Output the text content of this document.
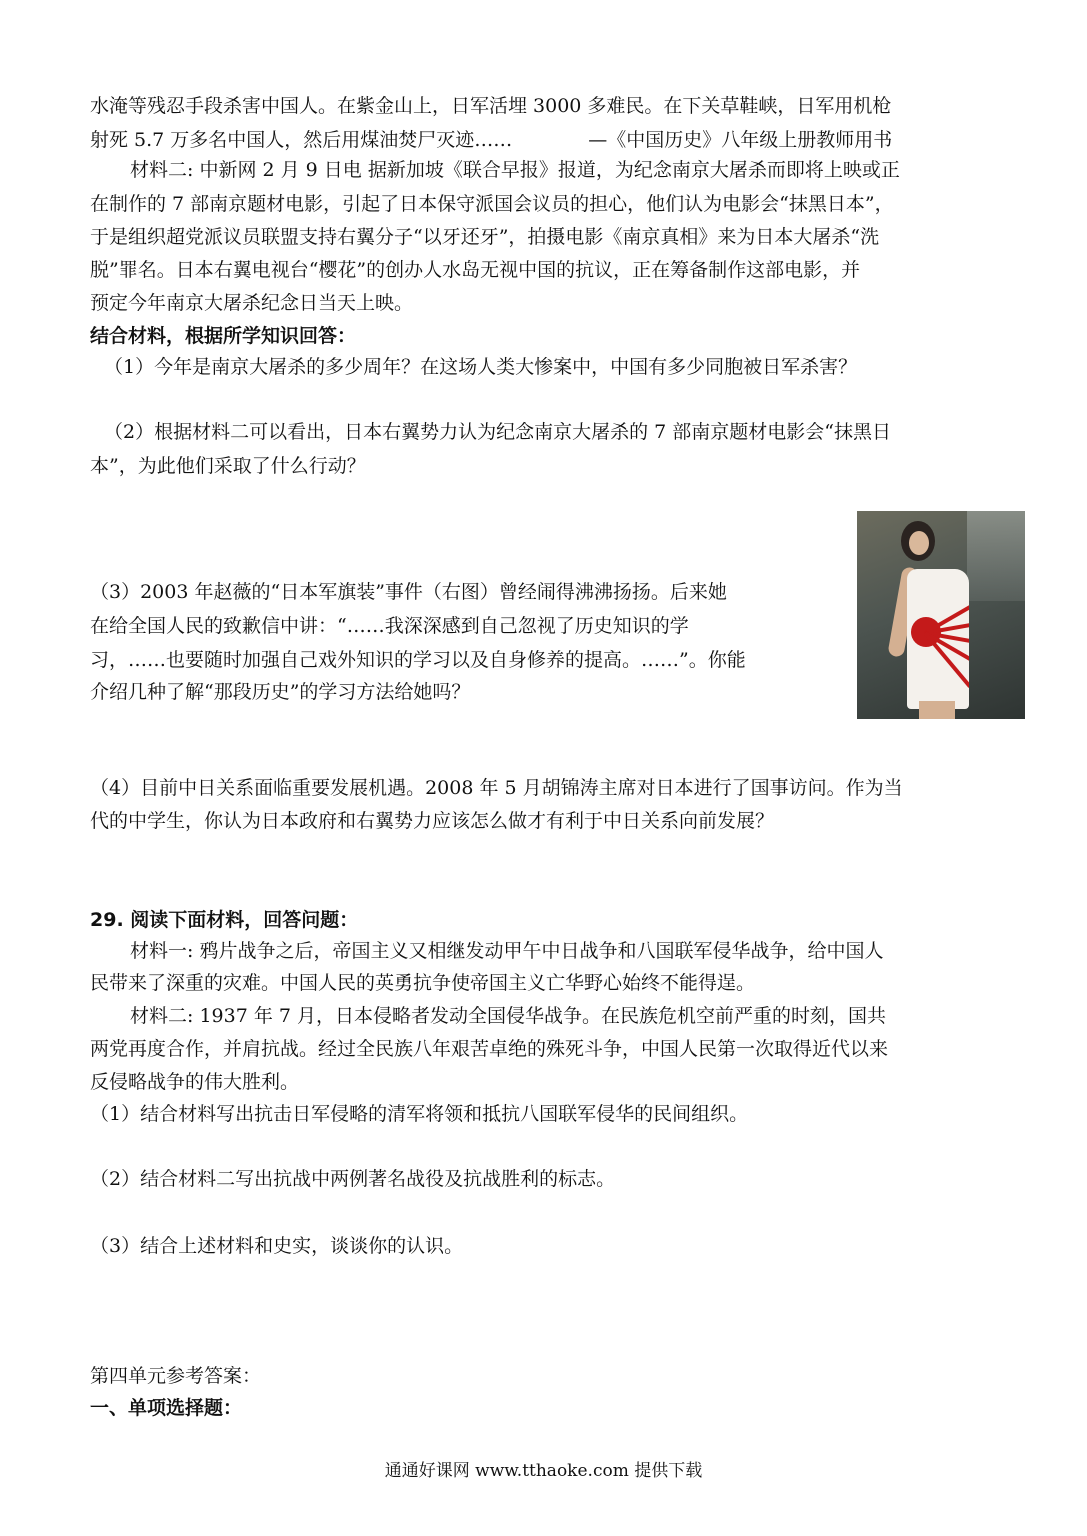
水淹等残忍手段杀害中国人。在紫金山上，日军活埋 3000 多难民。在下关草鞋峡，日军用机枪
射死 5.7 万多名中国人，然后用煤油焚尸灭迹……　　　　—《中国历史》八年级上册教师用书
材料二: 中新网 2 月 9 日电 据新加坡《联合早报》报道，为纪念南京大屠杀而即将上映或正
在制作的 7 部南京题材电影，引起了日本保守派国会议员的担心，他们认为电影会“抹黑日本”，
于是组织超党派议员联盟支持右翼分子“以牙还牙”，拍摄电影《南京真相》来为日本大屠杀“洗
脱”罪名。日本右翼电视台“樱花”的创办人水岛无视中国的抗议，正在筹备制作这部电影，并
预定今年南京大屠杀纪念日当天上映。
结合材料，根据所学知识回答：
（1）今年是南京大屠杀的多少周年？在这场人类大惨案中，中国有多少同胞被日军杀害？
（2）根据材料二可以看出，日本右翼势力认为纪念南京大屠杀的 7 部南京题材电影会“抹黑日
本”，为此他们采取了什么行动？
（3）2003 年赵薇的“日本军旗装”事件（右图）曾经闹得沸沸扬扬。后来她
在给全国人民的致歉信中讲：“……我深深感到自己忽视了历史知识的学
习，……也要随时加强自己戏外知识的学习以及自身修养的提高。……”。你能
介绍几种了解“那段历史”的学习方法给她吗？
（4）目前中日关系面临重要发展机遇。2008 年 5 月胡锦涛主席对日本进行了国事访问。作为当
代的中学生，你认为日本政府和右翼势力应该怎么做才有利于中日关系向前发展？
29. 阅读下面材料，回答问题：
材料一: 鸦片战争之后，帝国主义又相继发动甲午中日战争和八国联军侵华战争，给中国人
民带来了深重的灾难。中国人民的英勇抗争使帝国主义亡华野心始终不能得逞。
材料二: 1937 年 7 月，日本侵略者发动全国侵华战争。在民族危机空前严重的时刻，国共
两党再度合作，并肩抗战。经过全民族八年艰苦卓绝的殊死斗争，中国人民第一次取得近代以来
反侵略战争的伟大胜利。
（1）结合材料写出抗击日军侵略的清军将领和抵抗八国联军侵华的民间组织。
（2）结合材料二写出抗战中两例著名战役及抗战胜利的标志。
（3）结合上述材料和史实，谈谈你的认识。
第四单元参考答案：
一、单项选择题：
通通好课网 www.tthaoke.com 提供下载
